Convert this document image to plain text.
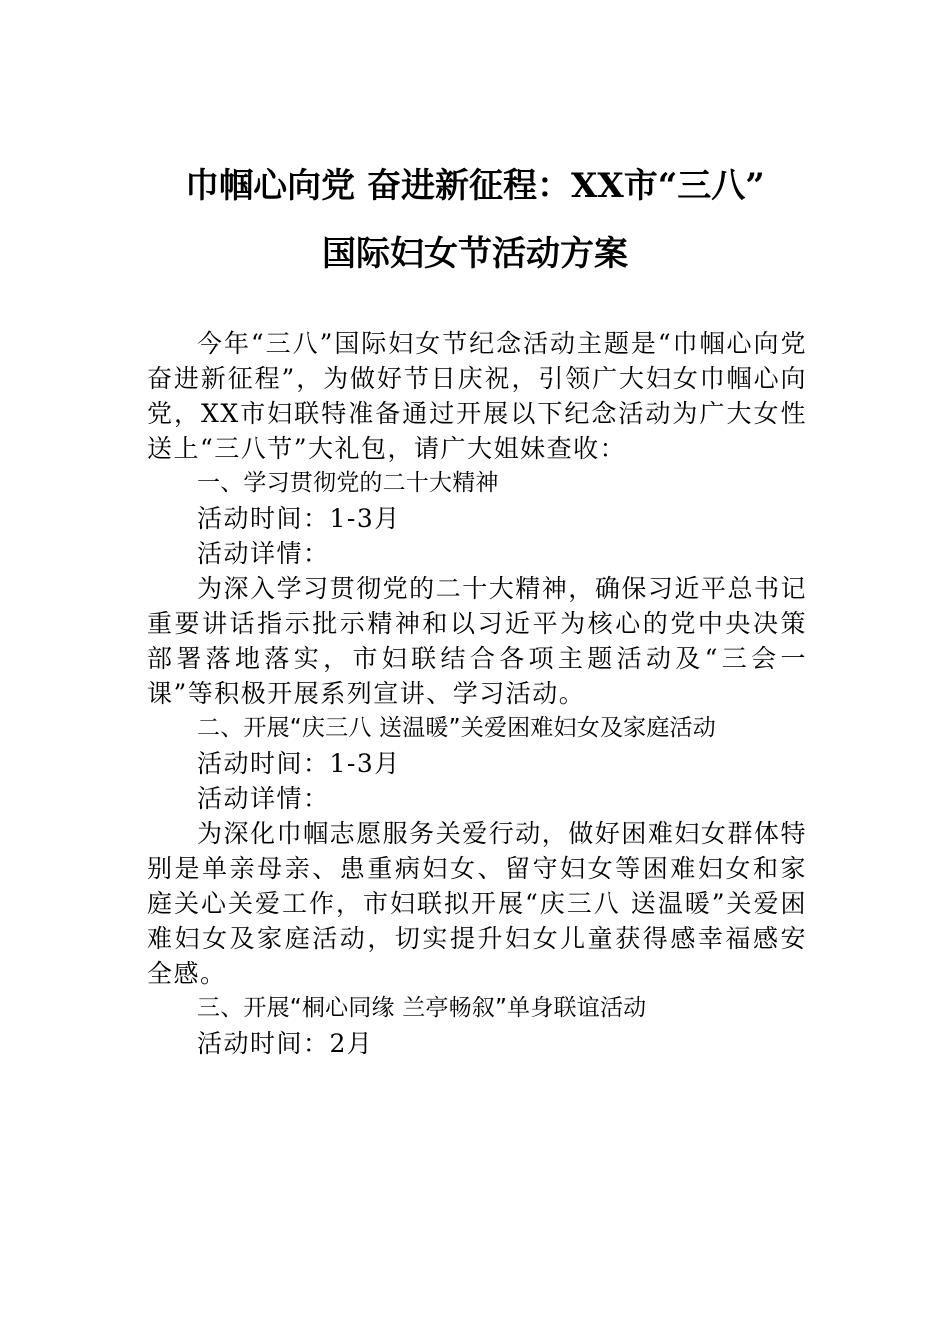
巾帼心向党 奋进新征程：XX市“三八”
国际妇女节活动方案

今年“三八”国际妇女节纪念活动主题是“巾帼心向党 奋进新征程”，为做好节日庆祝，引领广大妇女巾帼心向党，XX市妇联特准备通过开展以下纪念活动为广大女性送上“三八节”大礼包，请广大姐妹查收：

一、学习贯彻党的二十大精神

活动时间：1-3月

活动详情：

为深入学习贯彻党的二十大精神，确保习近平总书记重要讲话指示批示精神和以习近平为核心的党中央决策部署落地落实，市妇联结合各项主题活动及“三会一课”等积极开展系列宣讲、学习活动。

二、开展“庆三八 送温暖”关爱困难妇女及家庭活动

活动时间：1-3月

活动详情：

为深化巾帼志愿服务关爱行动，做好困难妇女群体特别是单亲母亲、患重病妇女、留守妇女等困难妇女和家庭关心关爱工作，市妇联拟开展“庆三八 送温暖”关爱困难妇女及家庭活动，切实提升妇女儿童获得感幸福感安全感。

三、开展“桐心同缘 兰亭畅叙”单身联谊活动

活动时间：2月
